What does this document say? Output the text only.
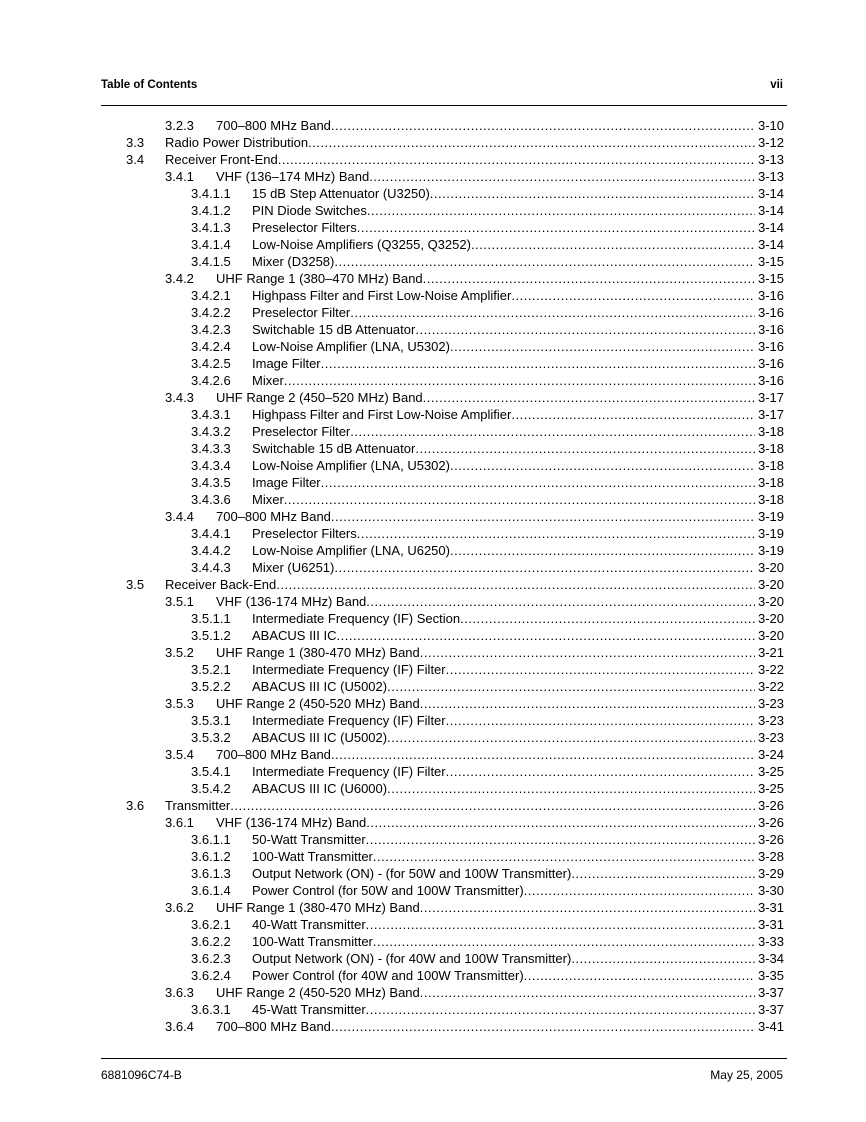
Table of Contents	vii
3.2.3 700–800 MHz Band .....	3-10
3.3 Radio Power Distribution .....	3-12
3.4 Receiver Front-End .....	3-13
3.4.1 VHF (136–174 MHz) Band .....	3-13
3.4.1.1 15 dB Step Attenuator (U3250) .....	3-14
3.4.1.2 PIN Diode Switches .....	3-14
3.4.1.3 Preselector Filters .....	3-14
3.4.1.4 Low-Noise Amplifiers (Q3255, Q3252) .....	3-14
3.4.1.5 Mixer (D3258) .....	3-15
3.4.2 UHF Range 1 (380–470 MHz) Band .....	3-15
3.4.2.1 Highpass Filter and First Low-Noise Amplifier .....	3-16
3.4.2.2 Preselector Filter .....	3-16
3.4.2.3 Switchable 15 dB Attenuator .....	3-16
3.4.2.4 Low-Noise Amplifier (LNA, U5302) .....	3-16
3.4.2.5 Image Filter .....	3-16
3.4.2.6 Mixer .....	3-16
3.4.3 UHF Range 2 (450–520 MHz) Band .....	3-17
3.4.3.1 Highpass Filter and First Low-Noise Amplifier .....	3-17
3.4.3.2 Preselector Filter .....	3-18
3.4.3.3 Switchable 15 dB Attenuator .....	3-18
3.4.3.4 Low-Noise Amplifier (LNA, U5302) .....	3-18
3.4.3.5 Image Filter .....	3-18
3.4.3.6 Mixer .....	3-18
3.4.4 700–800 MHz Band .....	3-19
3.4.4.1 Preselector Filters .....	3-19
3.4.4.2 Low-Noise Amplifier (LNA, U6250) .....	3-19
3.4.4.3 Mixer (U6251) .....	3-20
3.5 Receiver Back-End .....	3-20
3.5.1 VHF (136-174 MHz) Band .....	3-20
3.5.1.1 Intermediate Frequency (IF) Section .....	3-20
3.5.1.2 ABACUS III IC .....	3-20
3.5.2 UHF Range 1 (380-470 MHz) Band .....	3-21
3.5.2.1 Intermediate Frequency (IF) Filter .....	3-22
3.5.2.2 ABACUS III IC (U5002) .....	3-22
3.5.3 UHF Range 2 (450-520 MHz) Band .....	3-23
3.5.3.1 Intermediate Frequency (IF) Filter .....	3-23
3.5.3.2 ABACUS III IC (U5002) .....	3-23
3.5.4 700–800 MHz Band .....	3-24
3.5.4.1 Intermediate Frequency (IF) Filter .....	3-25
3.5.4.2 ABACUS III IC (U6000) .....	3-25
3.6 Transmitter .....	3-26
3.6.1 VHF (136-174 MHz) Band .....	3-26
3.6.1.1 50-Watt Transmitter .....	3-26
3.6.1.2 100-Watt Transmitter .....	3-28
3.6.1.3 Output Network (ON) - (for 50W and 100W Transmitter) .....	3-29
3.6.1.4 Power Control (for 50W and 100W Transmitter) .....	3-30
3.6.2 UHF Range 1 (380-470 MHz) Band .....	3-31
3.6.2.1 40-Watt Transmitter .....	3-31
3.6.2.2 100-Watt Transmitter .....	3-33
3.6.2.3 Output Network (ON) - (for 40W and 100W Transmitter) .....	3-34
3.6.2.4 Power Control (for 40W and 100W Transmitter) .....	3-35
3.6.3 UHF Range 2 (450-520 MHz) Band .....	3-37
3.6.3.1 45-Watt Transmitter .....	3-37
3.6.4 700–800 MHz Band .....	3-41
6881096C74-B	May 25, 2005
